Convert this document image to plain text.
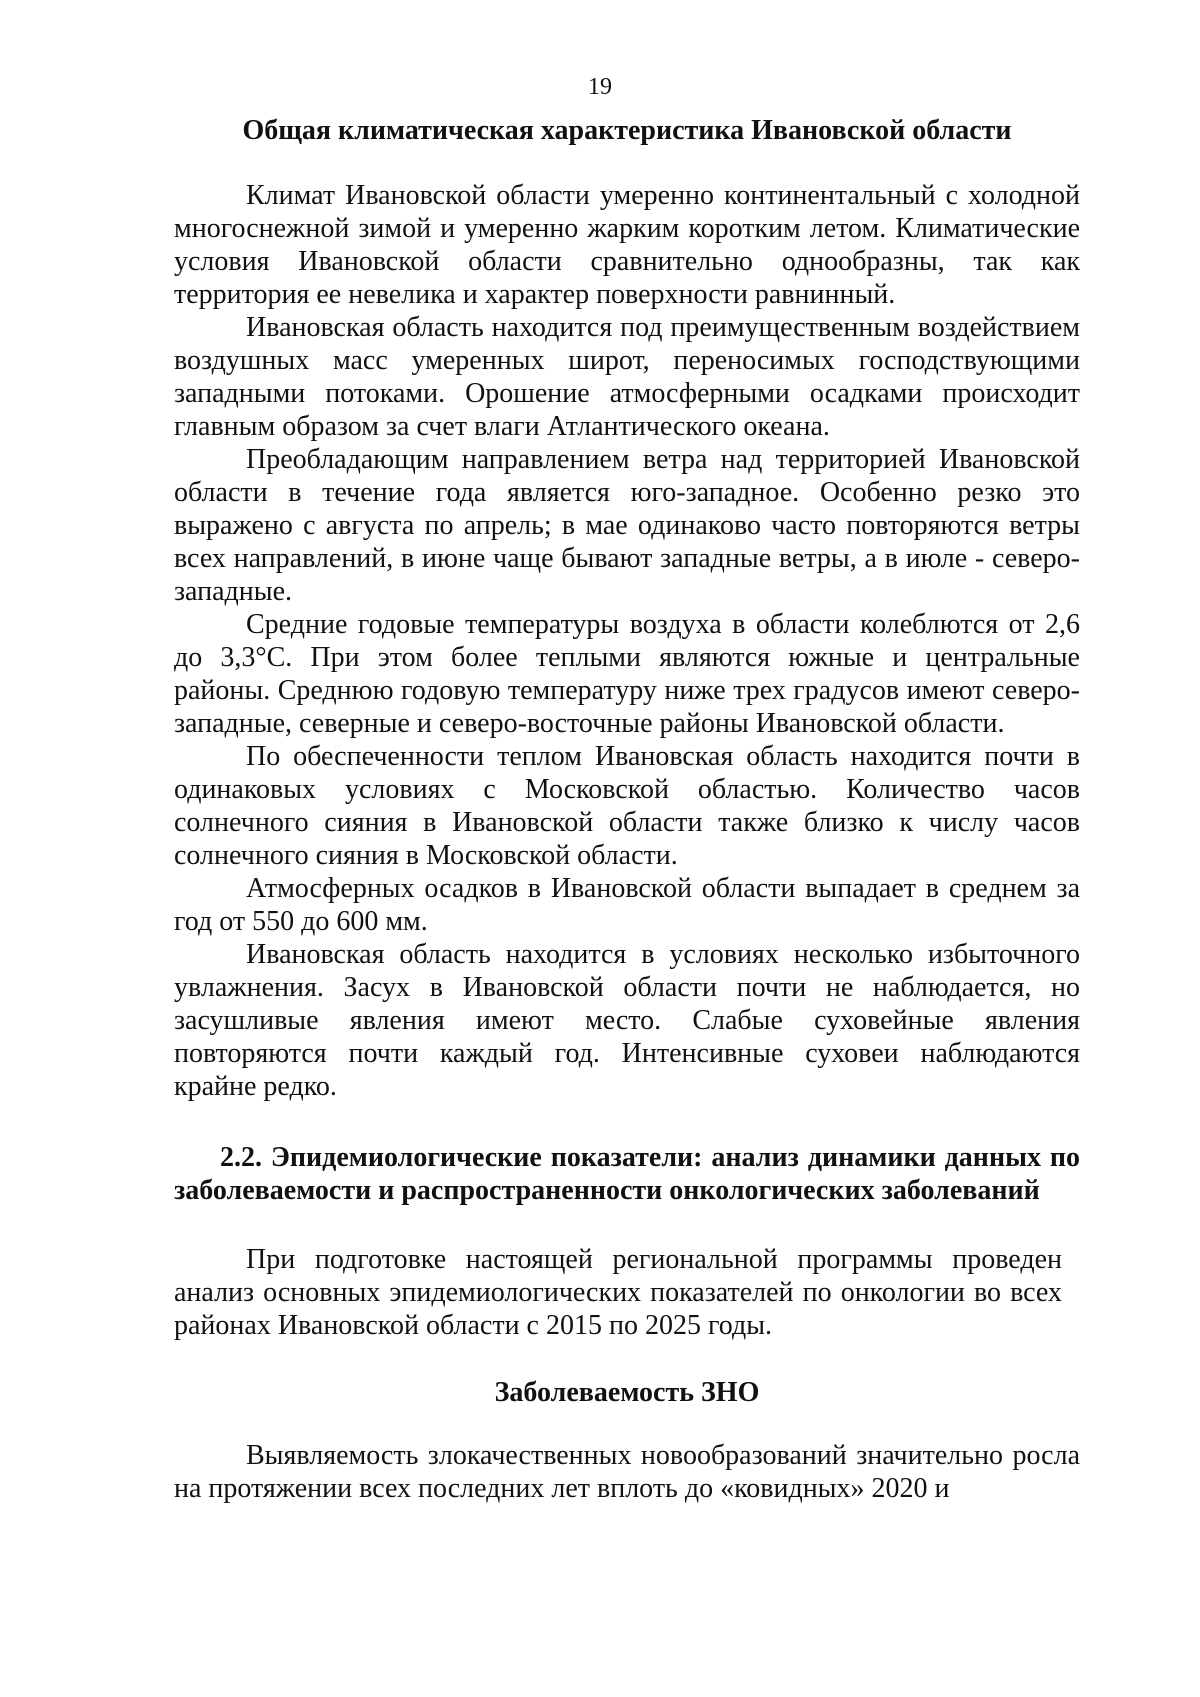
19
Общая климатическая характеристика Ивановской области

Климат Ивановской области умеренно континентальный с холодной многоснежной зимой и умеренно жарким коротким летом. Климатические условия Ивановской области сравнительно однообразны, так как территория ее невелика и характер поверхности равнинный.

Ивановская область находится под преимущественным воздействием воздушных масс умеренных широт, переносимых господствующими западными потоками. Орошение атмосферными осадками происходит главным образом за счет влаги Атлантического океана.

Преобладающим направлением ветра над территорией Ивановской области в течение года является юго-западное. Особенно резко это выражено с августа по апрель; в мае одинаково часто повторяются ветры всех направлений, в июне чаще бывают западные ветры, а в июле - северо-западные.

Средние годовые температуры воздуха в области колеблются от 2,6 до 3,3°С. При этом более теплыми являются южные и центральные районы. Среднюю годовую температуру ниже трех градусов имеют северо-западные, северные и северо-восточные районы Ивановской области.

По обеспеченности теплом Ивановская область находится почти в одинаковых условиях с Московской областью. Количество часов солнечного сияния в Ивановской области также близко к числу часов солнечного сияния в Московской области.

Атмосферных осадков в Ивановской области выпадает в среднем за год от 550 до 600 мм.

Ивановская область находится в условиях несколько избыточного увлажнения. Засух в Ивановской области почти не наблюдается, но засушливые явления имеют место. Слабые суховейные явления повторяются почти каждый год. Интенсивные суховеи наблюдаются крайне редко.

2.2. Эпидемиологические показатели: анализ динамики данных по заболеваемости и распространенности онкологических заболеваний

При подготовке настоящей региональной программы проведен анализ основных эпидемиологических показателей по онкологии во всех районах Ивановской области с 2015 по 2025 годы.

Заболеваемость ЗНО

Выявляемость злокачественных новообразований значительно росла на протяжении всех последних лет вплоть до «ковидных» 2020 и
